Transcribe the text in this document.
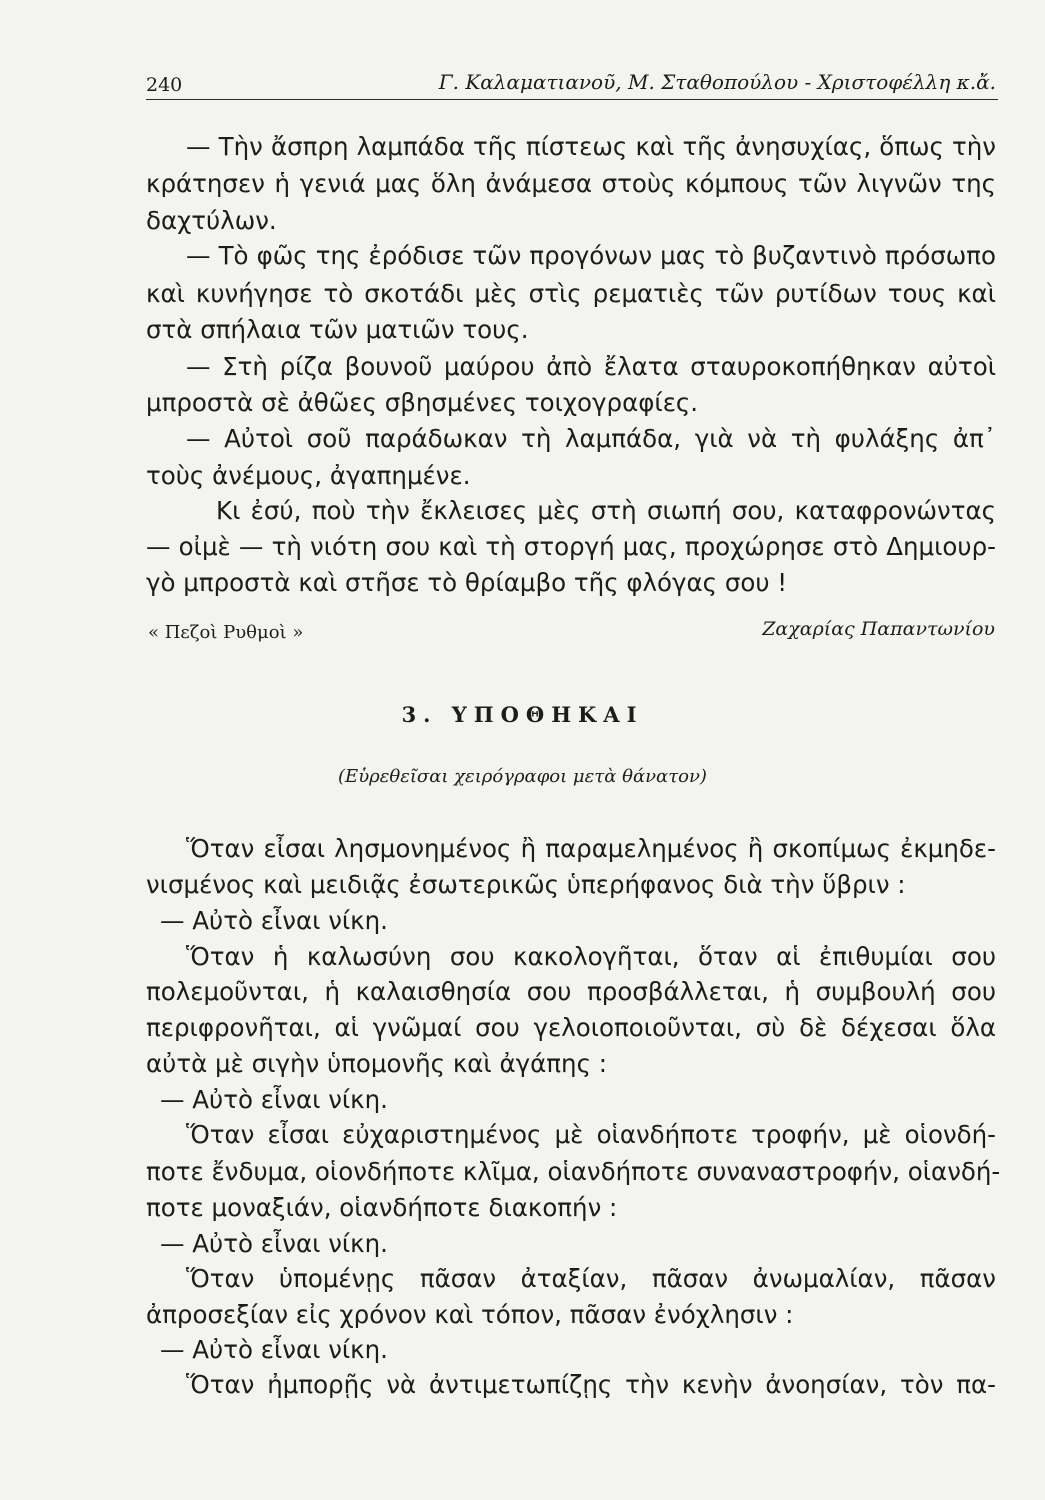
240	Γ. Καλαματιανοῦ, Μ. Σταθοπούλου - Χριστοφέλλη κ.ἄ.
— Τὴν ἄσπρη λαμπάδα τῆς πίστεως καὶ τῆς ἀνησυχίας, ὅπως τὴν
κράτησεν ἡ γενιά μας ὅλη ἀνάμεσα στοὺς κόμπους τῶν λιγνῶν της
δαχτύλων.
— Τὸ φῶς της ἐρόδισε τῶν προγόνων μας τὸ βυζαντινὸ πρόσωπο
καὶ κυνήγησε τὸ σκοτάδι μὲς στὶς ρεματιὲς τῶν ρυτίδων τους καὶ
στὰ σπήλαια τῶν ματιῶν τους.
— Στὴ ρίζα βουνοῦ μαύρου ἀπὸ ἔλατα σταυροκοπήθηκαν αὐτοὶ
μπροστὰ σὲ ἀθῶες σβησμένες τοιχογραφίες.
— Αὐτοὶ σοῦ παράδωκαν τὴ λαμπάδα, γιὰ νὰ τὴ φυλάξης ἀπ᾿
τοὺς ἀνέμους, ἀγαπημένε.
Κι ἐσύ, ποὺ τὴν ἔκλεισες μὲς στὴ σιωπή σου, καταφρονώντας
— οἰμὲ — τὴ νιότη σου καὶ τὴ στοργή μας, προχώρησε στὸ Δημιουρ-
γὸ μπροστὰ καὶ στῆσε τὸ θρίαμβο τῆς φλόγας σου !
« Πεζοὶ Ρυθμοὶ »	Ζαχαρίας Παπαντωνίου
3. ΥΠΟΘΗΚΑΙ
(Εὑρεθεῖσαι χειρόγραφοι μετὰ θάνατον)
Ὅταν εἶσαι λησμονημένος ἢ παραμελημένος ἢ σκοπίμως ἐκμηδε-
νισμένος καὶ μειδιᾷς ἐσωτερικῶς ὑπερήφανος διὰ τὴν ὕβριν :
— Αὐτὸ εἶναι νίκη.
Ὅταν ἡ καλωσύνη σου κακολογῆται, ὅταν αἱ ἐπιθυμίαι σου
πολεμοῦνται, ἡ καλαισθησία σου προσβάλλεται, ἡ συμβουλή σου
περιφρονῆται, αἱ γνῶμαί σου γελοιοποιοῦνται, σὺ δὲ δέχεσαι ὅλα
αὐτὰ μὲ σιγὴν ὑπομονῆς καὶ ἀγάπης :
— Αὐτὸ εἶναι νίκη.
Ὅταν εἶσαι εὐχαριστημένος μὲ οἱανδήποτε τροφήν, μὲ οἱονδή-
ποτε ἔνδυμα, οἱονδήποτε κλῖμα, οἱανδήποτε συναναστροφήν, οἱανδή-
ποτε μοναξιάν, οἱανδήποτε διακοπήν :
— Αὐτὸ εἶναι νίκη.
Ὅταν ὑπομένῃς πᾶσαν ἀταξίαν, πᾶσαν ἀνωμαλίαν, πᾶσαν
ἀπροσεξίαν εἰς χρόνον καὶ τόπον, πᾶσαν ἐνόχλησιν :
— Αὐτὸ εἶναι νίκη.
Ὅταν ἠμπορῇς νὰ ἀντιμετωπίζῃς τὴν κενὴν ἀνοησίαν, τὸν πα-
